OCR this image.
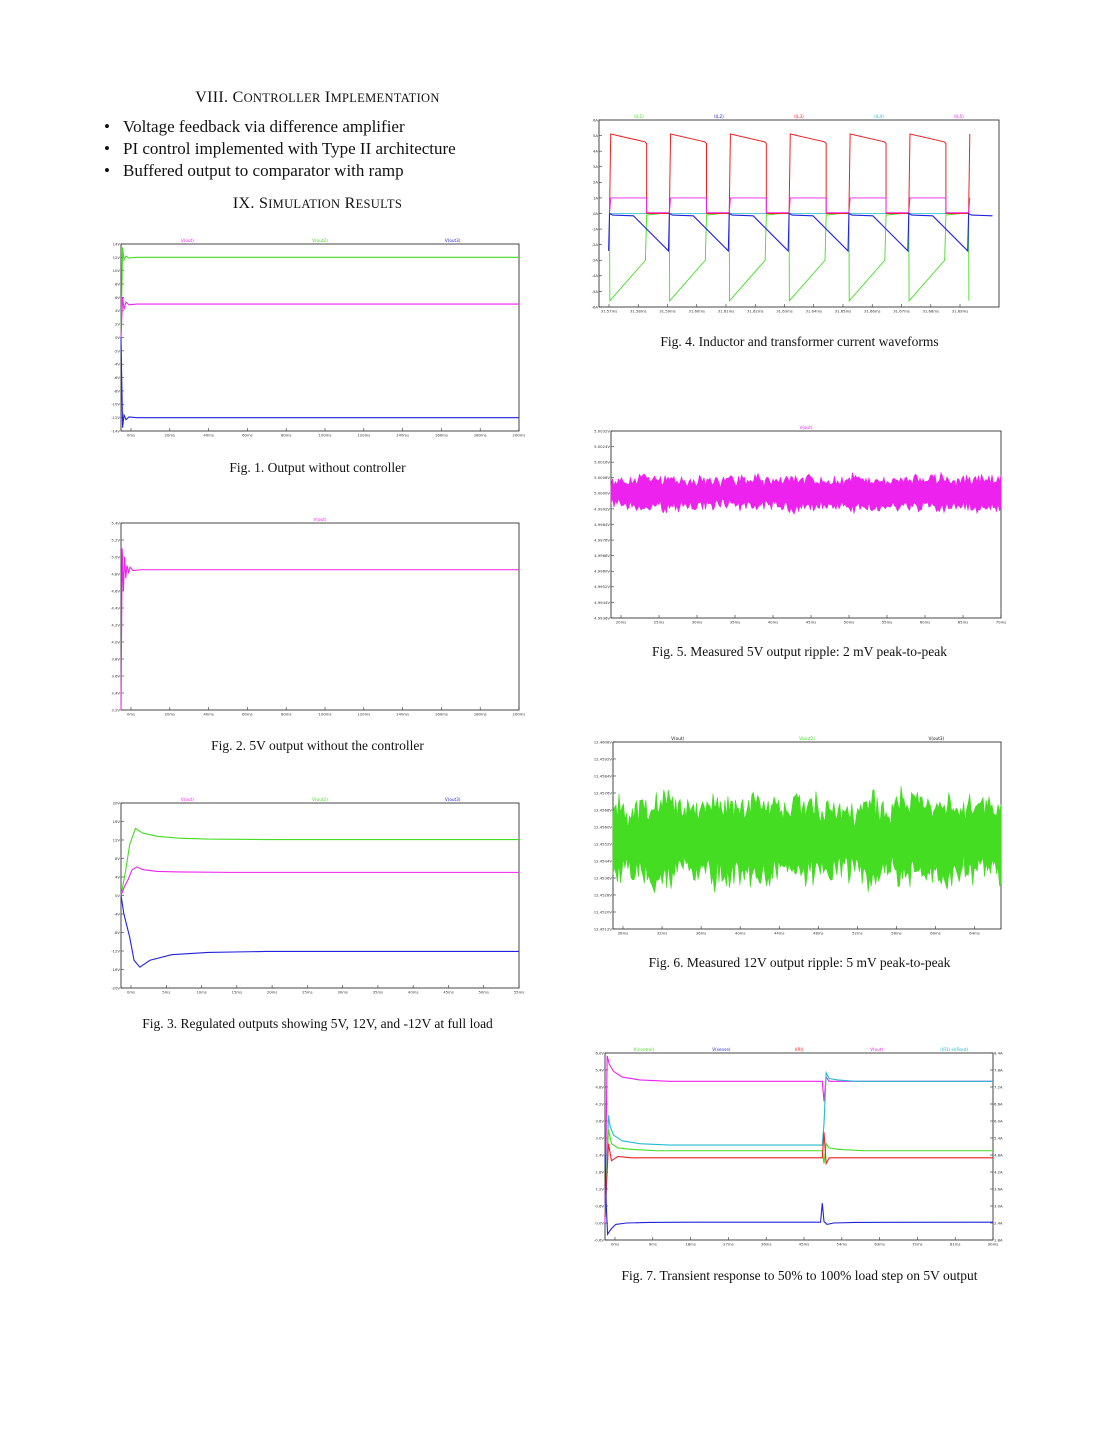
VIII. CONTROLLER IMPLEMENTATION
• Voltage feedback via difference amplifier
• PI control implemented with Type II architecture
• Buffered output to comparator with ramp
IX. SIMULATION RESULTS
V(out)	V(out2)	V(out3)
14V
12V
10V
8V
6V
4V
2V
0V
-2V
-4V
-6V
-8V
-10V
-12V
-14V
0ms	20ms	40ms	60ms	80ms	100ms	120ms	140ms	160ms	180ms	200ms
Fig. 1. Output without controller
V(out)
5.4V
5.2V
5.0V
4.8V
4.6V
4.4V
4.2V
4.0V
3.8V
3.6V
3.4V
3.2V
0ms	20ms	40ms	60ms	80ms	100ms	120ms	140ms	160ms	180ms	200ms
Fig. 2. 5V output without the controller
V(out)	V(out2)	V(out3)
20V
16V
12V
8V
4V
0V
-4V
-8V
-12V
-16V
-20V
0ms	5ms	10ms	15ms	20ms	25ms	30ms	35ms	40ms	45ms	50ms	55ms
Fig. 3. Regulated outputs showing 5V, 12V, and -12V at full load
I(L1)	I(L2)	I(L3)	I(L4)	I(L5)
6A
5A
4A
3A
2A
1A
0A
-1A
-2A
-3A
-4A
-5A
-6A
31.57ms	31.58ms	31.59ms	31.60ms	31.61ms	31.62ms	31.63ms	31.64ms	31.65ms	31.66ms	31.67ms	31.68ms	31.69ms
Fig. 4. Inductor and transformer current waveforms
V(out)
5.0032V
5.0024V
5.0016V
5.0008V
5.0000V
4.9992V
4.9984V
4.9976V
4.9968V
4.9960V
4.9952V
4.9944V
4.9936V
20ms	25ms	30ms	35ms	40ms	45ms	50ms	55ms	60ms	65ms	70ms
Fig. 5. Measured 5V output ripple: 2 mV peak-to-peak
V(out)	V(out2)	V(out3)
12.4608V
12.4592V
12.4584V
12.4576V
12.4568V
12.4560V
12.4552V
12.4544V
12.4536V
12.4528V
12.4520V
12.4512V
28ms	32ms	36ms	40ms	44ms	48ms	52ms	56ms	60ms	64ms
Fig. 6. Measured 12V output ripple: 5 mV peak-to-peak
V(control)	V(sense)	I(Rl)	V(out)	I(R1)+I(Rout)
6.0V
5.4V
4.8V
4.2V
3.6V
3.0V
2.4V
1.8V
1.2V
0.6V
0.0V
-0.6V
8.4A
7.8A
7.2A
6.6A
6.0A
5.4A
4.8A
4.2A
3.6A
3.0A
2.4A
1.8A
0ms	9ms	18ms	27ms	36ms	45ms	54ms	63ms	72ms	81ms	90ms
Fig. 7. Transient response to 50% to 100% load step on 5V output
